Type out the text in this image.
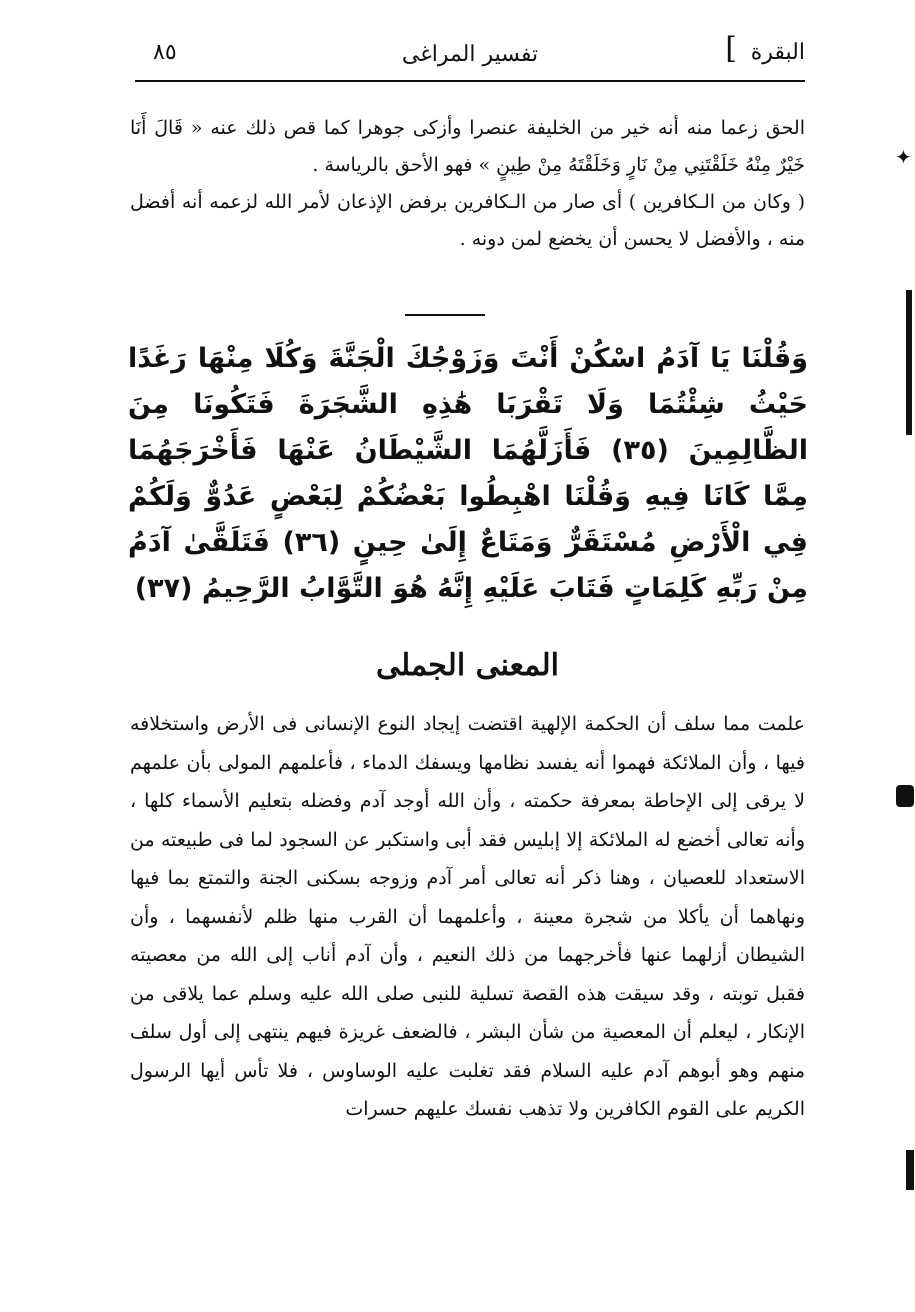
البقرة
]
تفسير المراغى
٨٥

الحق زعما منه أنه خير من الخليفة عنصرا وأزكى جوهرا كما قص ذلك عنه « قَالَ أَنَا خَيْرٌ مِنْهُ خَلَقْتَنِي مِنْ نَارٍ وَخَلَقْتَهُ مِنْ طِينٍ » فهو الأحق بالرياسة .

( وكان من الـكافرين ) أى صار من الـكافرين برفض الإذعان لأمر الله لزعمه أنه أفضل منه ، والأفضل لا يحسن أن يخضع لمن دونه .

وَقُلْنَا يَا آدَمُ اسْكُنْ أَنْتَ وَزَوْجُكَ الْجَنَّةَ وَكُلَا مِنْهَا رَغَدًا حَيْثُ شِئْتُمَا وَلَا تَقْرَبَا هَٰذِهِ الشَّجَرَةَ فَتَكُونَا مِنَ الظَّالِمِينَ (٣٥) فَأَزَلَّهُمَا الشَّيْطَانُ عَنْهَا فَأَخْرَجَهُمَا مِمَّا كَانَا فِيهِ وَقُلْنَا اهْبِطُوا بَعْضُكُمْ لِبَعْضٍ عَدُوٌّ وَلَكُمْ فِي الْأَرْضِ مُسْتَقَرٌّ وَمَتَاعٌ إِلَىٰ حِينٍ (٣٦) فَتَلَقَّىٰ آدَمُ مِنْ رَبِّهِ كَلِمَاتٍ فَتَابَ عَلَيْهِ إِنَّهُ هُوَ التَّوَّابُ الرَّحِيمُ (٣٧)
المعنى الجملى
علمت مما سلف أن الحكمة الإلهية اقتضت إيجاد النوع الإنسانى فى الأرض واستخلافه فيها ، وأن الملائكة فهموا أنه يفسد نظامها ويسفك الدماء ، فأعلمهم المولى بأن علمهم لا يرقى إلى الإحاطة بمعرفة حكمته ، وأن الله أوجد آدم وفضله بتعليم الأسماء كلها ، وأنه تعالى أخضع له الملائكة إلا إبليس فقد أبى واستكبر عن السجود لما فى طبيعته من الاستعداد للعصيان ، وهنا ذكر أنه تعالى أمر آدم وزوجه بسكنى الجنة والتمتع بما فيها ونهاهما أن يأكلا من شجرة معينة ، وأعلمهما أن القرب منها ظلم لأنفسهما ، وأن الشيطان أزلهما عنها فأخرجهما من ذلك النعيم ، وأن آدم أناب إلى الله من معصيته فقبل توبته ، وقد سيقت هذه القصة تسلية للنبى صلى الله عليه وسلم عما يلاقى من الإنكار ، ليعلم أن المعصية من شأن البشر ، فالضعف غريزة فيهم ينتهى إلى أول سلف منهم وهو أبوهم آدم عليه السلام فقد تغلبت عليه الوساوس ، فلا تأس أيها الرسول الكريم على القوم الكافرين ولا تذهب نفسك عليهم حسرات
✦
